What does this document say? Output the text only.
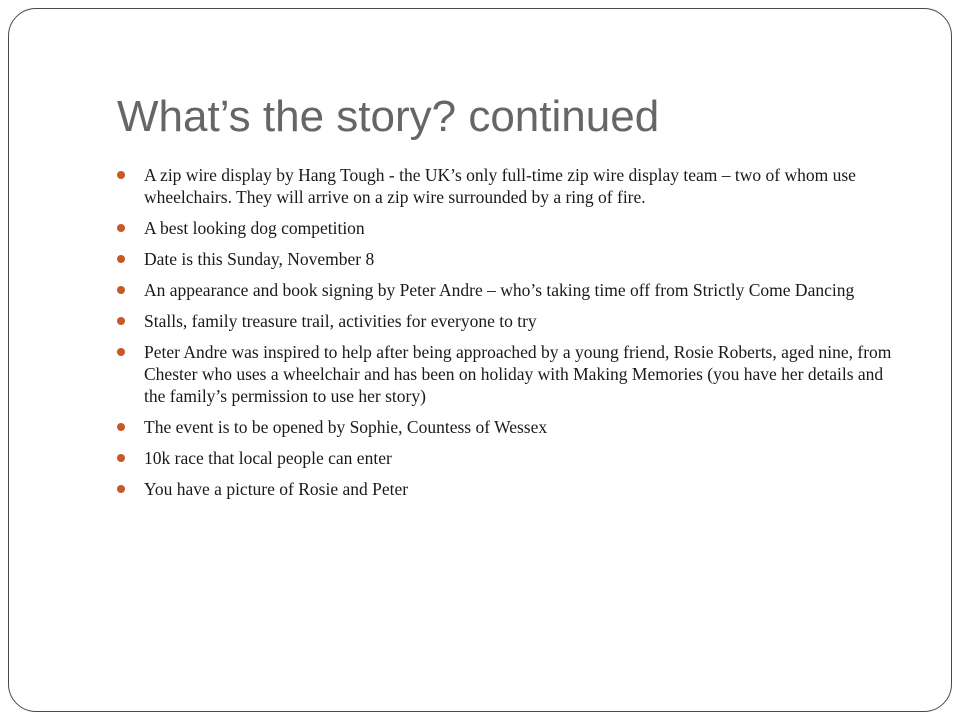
What’s the story? continued
A zip wire display by Hang Tough - the UK’s only full-time zip wire display team – two of whom use wheelchairs. They will arrive on a zip wire surrounded by a ring of fire.
A best looking dog competition
Date is this Sunday, November 8
An appearance and book signing by Peter Andre – who’s taking time off from Strictly Come Dancing
Stalls, family treasure trail, activities for everyone to try
Peter Andre was inspired to help after being approached by a young friend, Rosie Roberts, aged nine, from Chester who uses a wheelchair and has been on holiday with Making Memories (you have her details and the family’s permission to use her story)
The event is to be opened by Sophie, Countess of Wessex
10k race that local people can enter
You have a picture of Rosie and Peter
